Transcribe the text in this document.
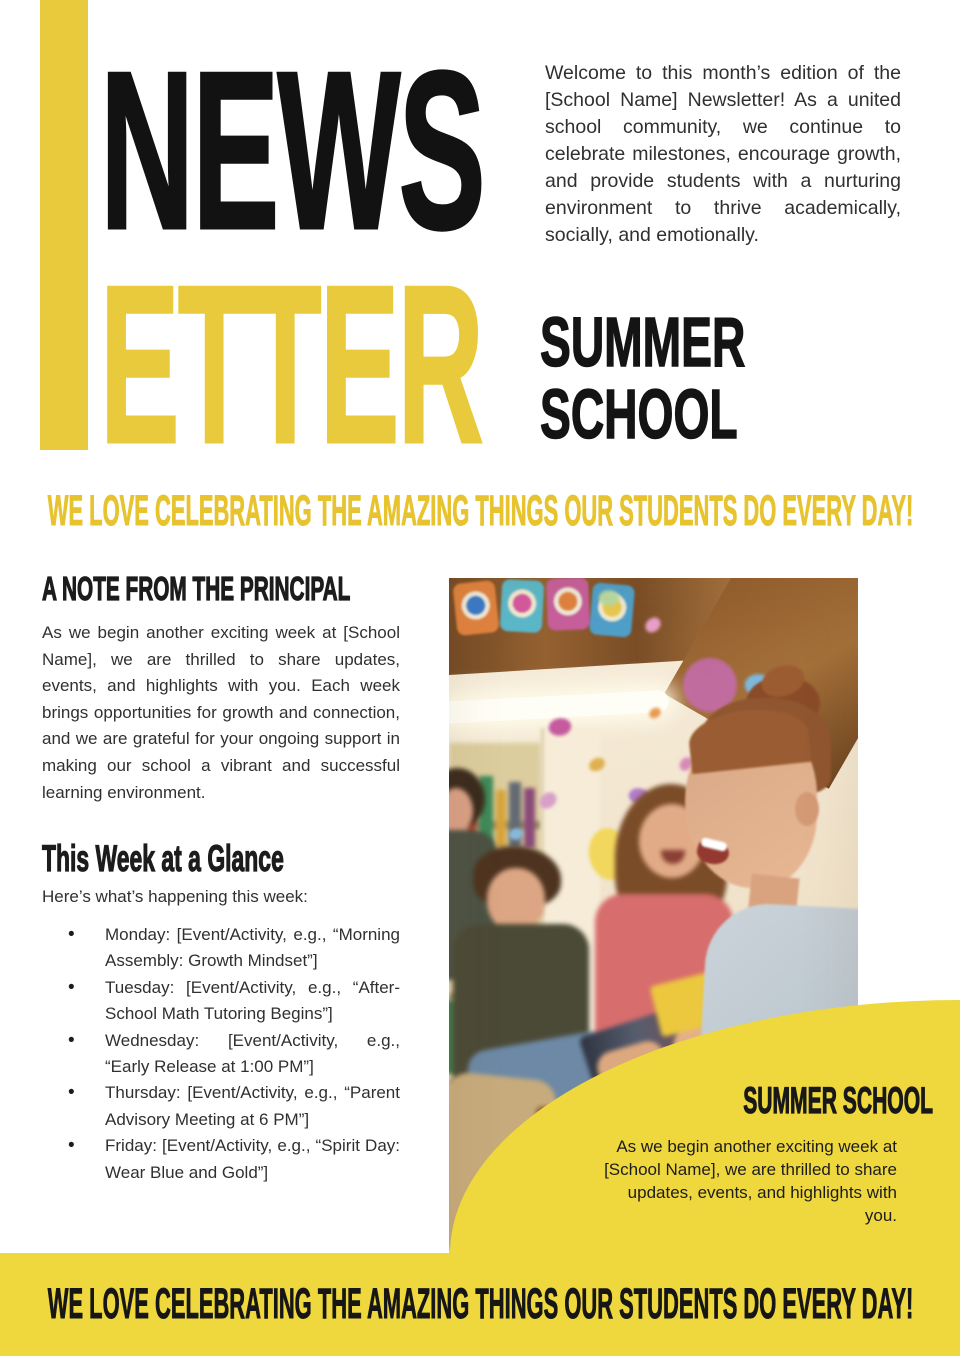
NEWS
ETTER

Welcome to this month’s edition of the [School Name] Newsletter! As a united school community, we continue to celebrate milestones, encourage growth, and provide students with a nurturing environment to thrive academically, socially, and emotionally.

SUMMER
SCHOOL
WE LOVE CELEBRATING THE AMAZING THINGS OUR STUDENTS DO EVERY DAY!
A NOTE FROM THE PRINCIPAL

As we begin another exciting week at [School Name], we are thrilled to share updates, events, and highlights with you. Each week brings opportunities for growth and connection, and we are grateful for your ongoing support in making our school a vibrant and successful learning environment.

This Week at a Glance

Here’s what’s happening this week:

• Monday: [Event/Activity, e.g., “Morning Assembly: Growth Mindset”]
• Tuesday: [Event/Activity, e.g., “After-School Math Tutoring Begins”]
• Wednesday: [Event/Activity, e.g., “Early Release at 1:00 PM”]
• Thursday: [Event/Activity, e.g., “Parent Advisory Meeting at 6 PM”]
• Friday: [Event/Activity, e.g., “Spirit Day: Wear Blue and Gold”]
SUMMER SCHOOL

As we begin another exciting week at [School Name], we are thrilled to share updates, events, and highlights with you.

WE LOVE CELEBRATING THE AMAZING THINGS OUR STUDENTS DO EVERY DAY!
